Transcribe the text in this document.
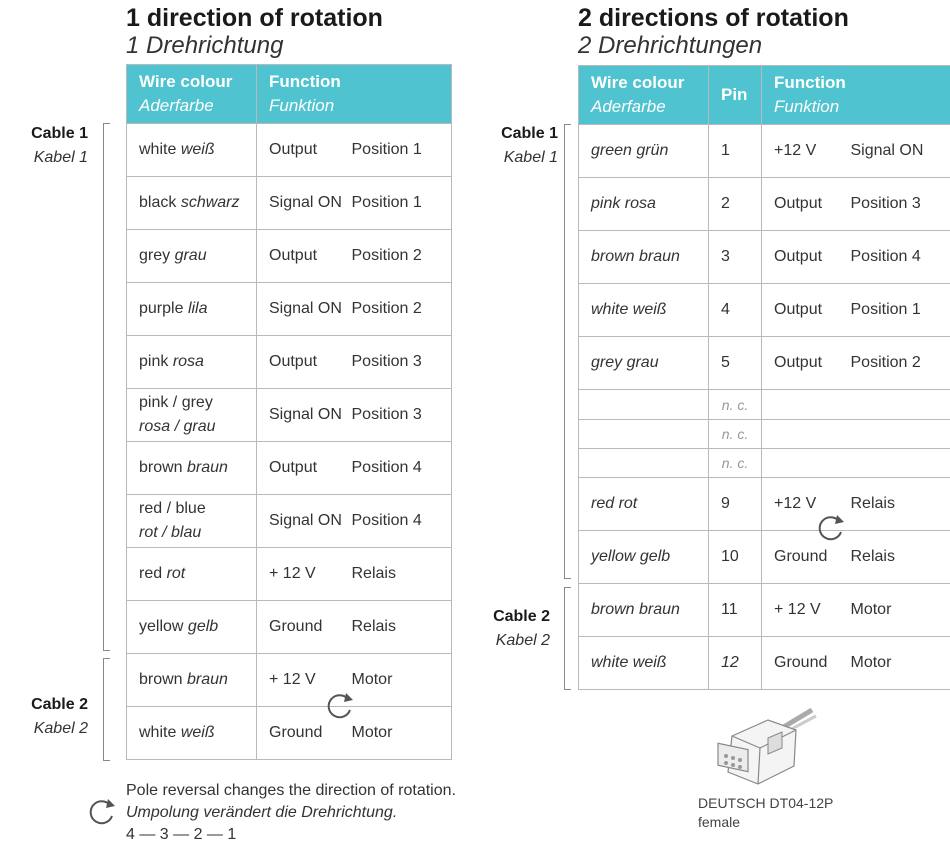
1 direction of rotation
1 Drehrichtung
Wire colour
Aderfarbe	Function
Funktion	

white weiß	Output	Position 1
black schwarz	Signal ON	Position 1
grey grau	Output	Position 2
purple lila	Signal ON	Position 2
pink rosa	Output	Position 3

pink / grey
rosa / grau	Signal ON	Position 3
brown braun	Output	Position 4

red / blue
rot / blau	Signal ON	Position 4
red rot	+ 12 V	Relais
yellow gelb	Ground	Relais
brown braun	+ 12 V	Motor
white weiß	Ground	Motor
Cable 1
Kabel 1
Cable 2
Kabel 2
2 directions of rotation
2 Drehrichtungen
Wire colour
Aderfarbe	Pin	Function
Funktion	

green grün	1	+12 V	Signal ON
pink rosa	2	Output	Position 3
brown braun	3	Output	Position 4
white weiß	4	Output	Position 1
grey grau	5	Output	Position 2
	n. c.		
	n. c.		
	n. c.		
red rot	9	+12 V	Relais
yellow gelb	10	Ground	Relais
brown braun	11	+ 12 V	Motor
white weiß	12	Ground	Motor
Cable 1
Kabel 1
Cable 2
Kabel 2
DEUTSCH DT04-12P
female
Pole reversal changes the direction of rotation.
Umpolung verändert die Drehrichtung.
4 — 3 — 2 — 1
